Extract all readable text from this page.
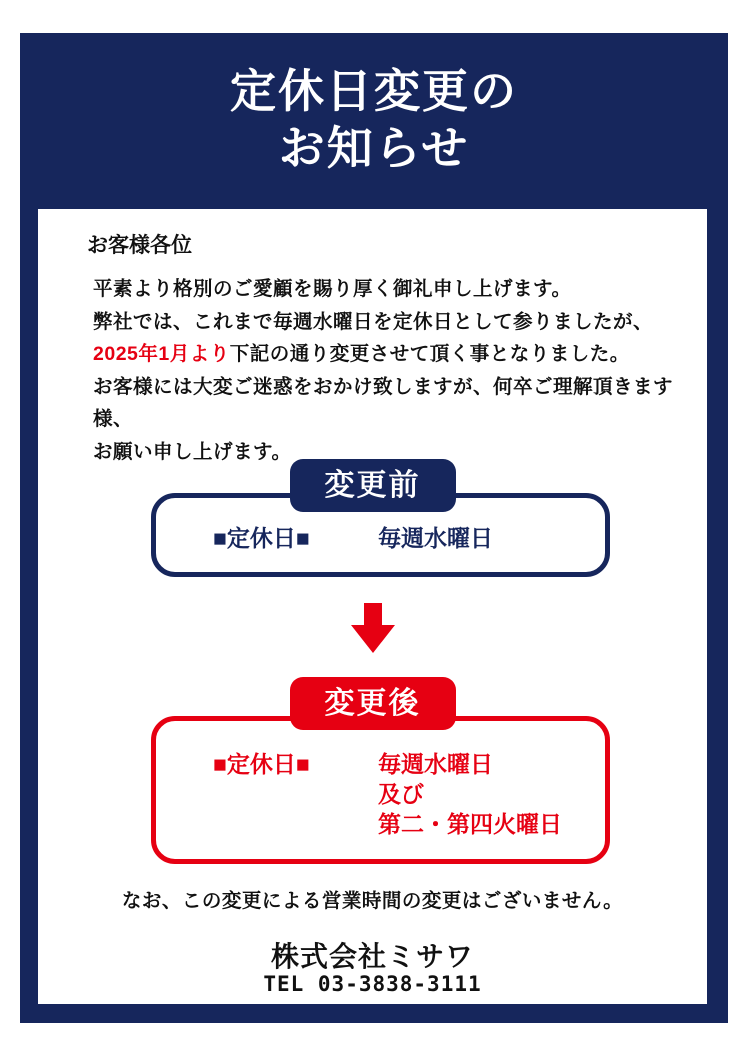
定休日変更の
お知らせ
お客様各位
平素より格別のご愛顧を賜り厚く御礼申し上げます。
弊社では、これまで毎週水曜日を定休日として参りましたが、
2025年1月より下記の通り変更させて頂く事となりました。
お客様には大変ご迷惑をおかけ致しますが、何卒ご理解頂きます様、
お願い申し上げます。
変更前
■定休日■	毎週水曜日
変更後
■定休日■	毎週水曜日
及び
第二・第四火曜日
なお、この変更による営業時間の変更はございません。
株式会社ミサワ
TEL 03-3838-3111
